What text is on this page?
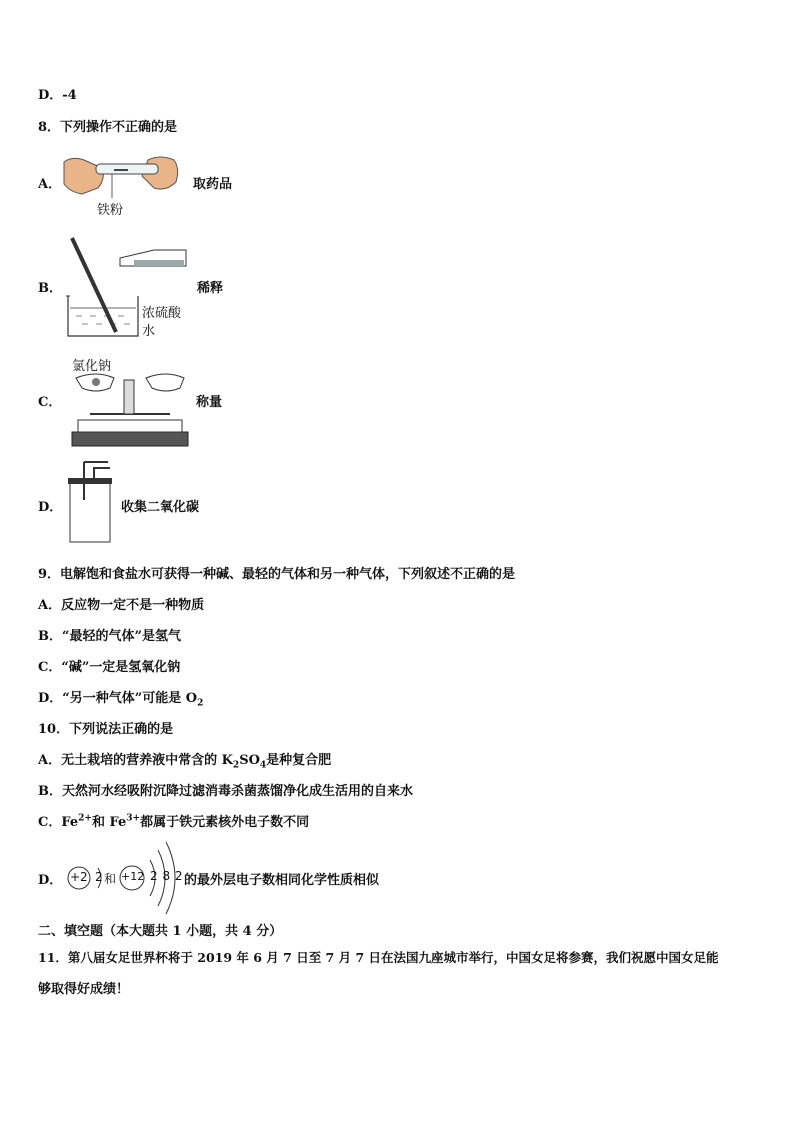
D．-4
8．下列操作不正确的是
A．
铁粉
取药品
B．	稀释
浓硫酸
水
氯化钠
C．	称量
D．	收集二氧化碳
9．电解饱和食盐水可获得一种碱、最轻的气体和另一种气体，下列叙述不正确的是
A．反应物一定不是一种物质
B．“最轻的气体”是氢气
C．“碱”一定是氢氧化钠
D．“另一种气体”可能是 $O_2$
10．下列说法正确的是
A．无土栽培的营养液中常含的 $K_2SO_4$是种复合肥
B．天然河水经吸附沉降过滤消毒杀菌蒸馏净化成生活用的自来水
C．$Fe^{2+}$和 $Fe^{3+}$都属于铁元素核外电子数不同
D． +2 2 和 +12 2 8 2 的最外层电子数相同化学性质相似
二、填空题（本大题共 1 小题，共 4 分）
11．第八届女足世界杯将于 2019 年 6 月 7 日至 7 月 7 日在法国九座城市举行，中国女足将参赛，我们祝愿中国女足能
够取得好成绩！
